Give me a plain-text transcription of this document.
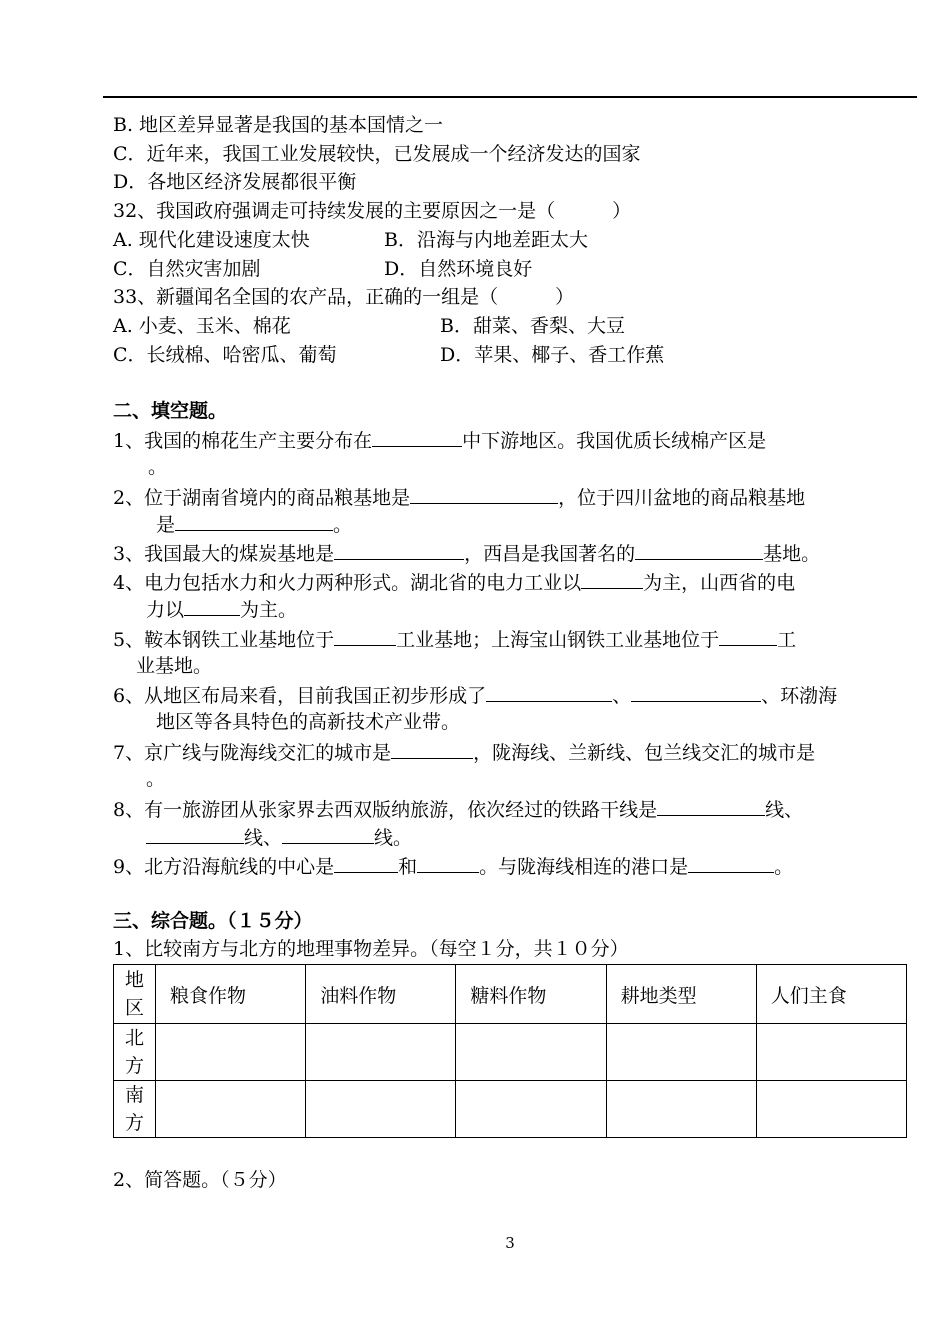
B. 地区差异显著是我国的基本国情之一
C．近年来，我国工业发展较快，已发展成一个经济发达的国家
D．各地区经济发展都很平衡
32、我国政府强调走可持续发展的主要原因之一是（　　　）
A. 现代化建设速度太快	B．沿海与内地差距太大
C．自然灾害加剧	D．自然环境良好
33、新疆闻名全国的农产品，正确的一组是（　　　）
A. 小麦、玉米、棉花	B．甜菜、香梨、大豆
C．长绒棉、哈密瓜、葡萄	D．苹果、椰子、香工作蕉
二、填空题。
1、我国的棉花生产主要分布在	中下游地区。我国优质长绒棉产区是
。
2、位于湖南省境内的商品粮基地是	，位于四川盆地的商品粮基地
是	。
3、我国最大的煤炭基地是	，西昌是我国著名的	基地。
4、电力包括水力和火力两种形式。湖北省的电力工业以	为主，山西省的电
力以	为主。
5、鞍本钢铁工业基地位于	工业基地；上海宝山钢铁工业基地位于	工
业基地。
6、从地区布局来看，目前我国正初步形成了	、	、环渤海
地区等各具特色的高新技术产业带。
7、京广线与陇海线交汇的城市是	，陇海线、兰新线、包兰线交汇的城市是
。
8、有一旅游团从张家界去西双版纳旅游，依次经过的铁路干线是	线、
线、	线。
9、北方沿海航线的中心是	和	。与陇海线相连的港口是	。
三、综合题。（１５分）
1、比较南方与北方的地理事物差异。（每空１分，共１０分）
地
区	粮食作物	油料作物	糖料作物	耕地类型	人们主食

北
方					

南
方					

2、简答题。（５分）
3
